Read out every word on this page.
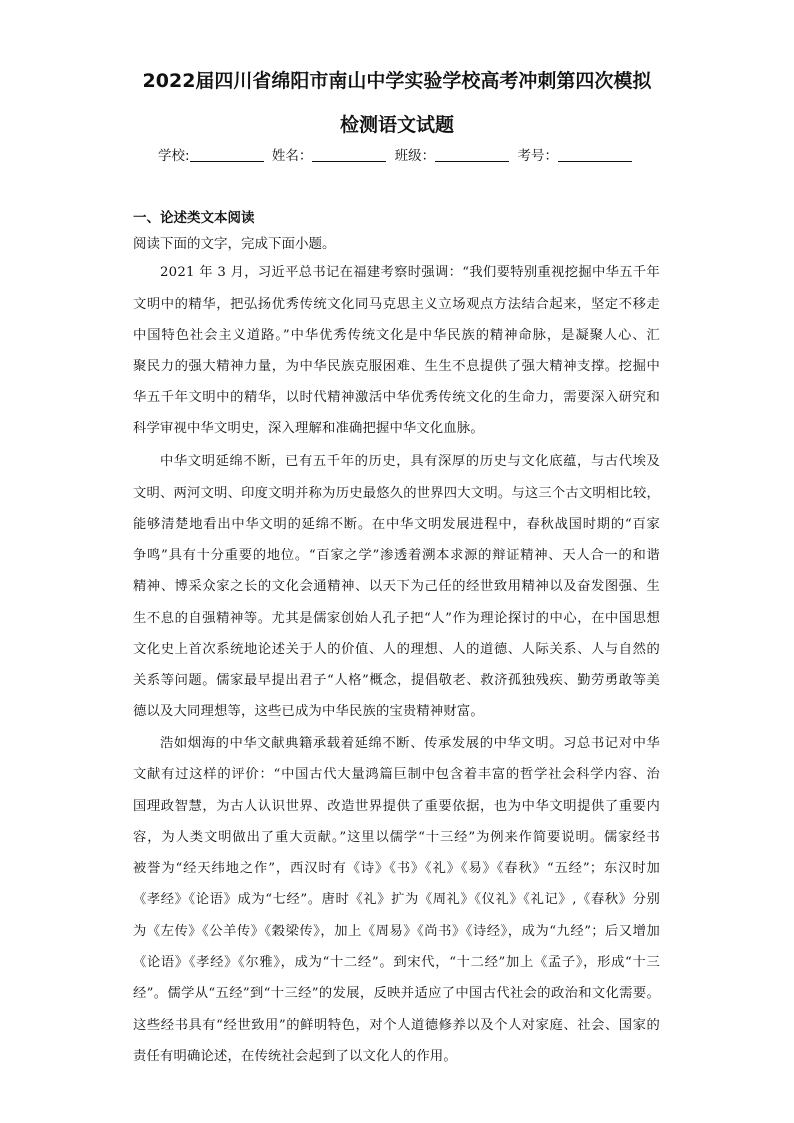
2022届四川省绵阳市南山中学实验学校高考冲刺第四次模拟
检测语文试题
学校:	姓名：	班级：	考号：
一、论述类文本阅读
阅读下面的文字，完成下面小题。
2021 年 3 月，习近平总书记在福建考察时强调：“我们要特别重视挖掘中华五千年
文明中的精华，把弘扬优秀传统文化同马克思主义立场观点方法结合起来，坚定不移走
中国特色社会主义道路。”中华优秀传统文化是中华民族的精神命脉，是凝聚人心、汇
聚民力的强大精神力量，为中华民族克服困难、生生不息提供了强大精神支撑。挖掘中
华五千年文明中的精华，以时代精神激活中华优秀传统文化的生命力，需要深入研究和
科学审视中华文明史，深入理解和准确把握中华文化血脉。
中华文明延绵不断，已有五千年的历史，具有深厚的历史与文化底蕴，与古代埃及
文明、两河文明、印度文明并称为历史最悠久的世界四大文明。与这三个古文明相比较，
能够清楚地看出中华文明的延绵不断。在中华文明发展进程中，春秋战国时期的“百家
争鸣”具有十分重要的地位。“百家之学”渗透着溯本求源的辩证精神、天人合一的和谐
精神、博采众家之长的文化会通精神、以天下为己任的经世致用精神以及奋发图强、生
生不息的自强精神等。尤其是儒家创始人孔子把“人”作为理论探讨的中心，在中国思想
文化史上首次系统地论述关于人的价值、人的理想、人的道德、人际关系、人与自然的
关系等问题。儒家最早提出君子“人格”概念，提倡敬老、救济孤独残疾、勤劳勇敢等美
德以及大同理想等，这些已成为中华民族的宝贵精神财富。
浩如烟海的中华文献典籍承载着延绵不断、传承发展的中华文明。习总书记对中华
文献有过这样的评价：“中国古代大量鸿篇巨制中包含着丰富的哲学社会科学内容、治
国理政智慧，为古人认识世界、改造世界提供了重要依据，也为中华文明提供了重要内
容，为人类文明做出了重大贡献。”这里以儒学“十三经”为例来作简要说明。儒家经书
被誉为“经天纬地之作”，西汉时有《诗》《书》《礼》《易》《春秋》“五经”；东汉时加
《孝经》《论语》成为“七经”。唐时《礼》扩为《周礼》《仪礼》《礼记》,《春秋》分别
为《左传》《公羊传》《穀梁传》，加上《周易》《尚书》《诗经》，成为“九经”；后又增加
《论语》《孝经》《尔雅》，成为“十二经”。到宋代，“十二经”加上《孟子》，形成“十三
经”。儒学从“五经”到“十三经”的发展，反映并适应了中国古代社会的政治和文化需要。
这些经书具有“经世致用”的鲜明特色，对个人道德修养以及个人对家庭、社会、国家的
责任有明确论述，在传统社会起到了以文化人的作用。
